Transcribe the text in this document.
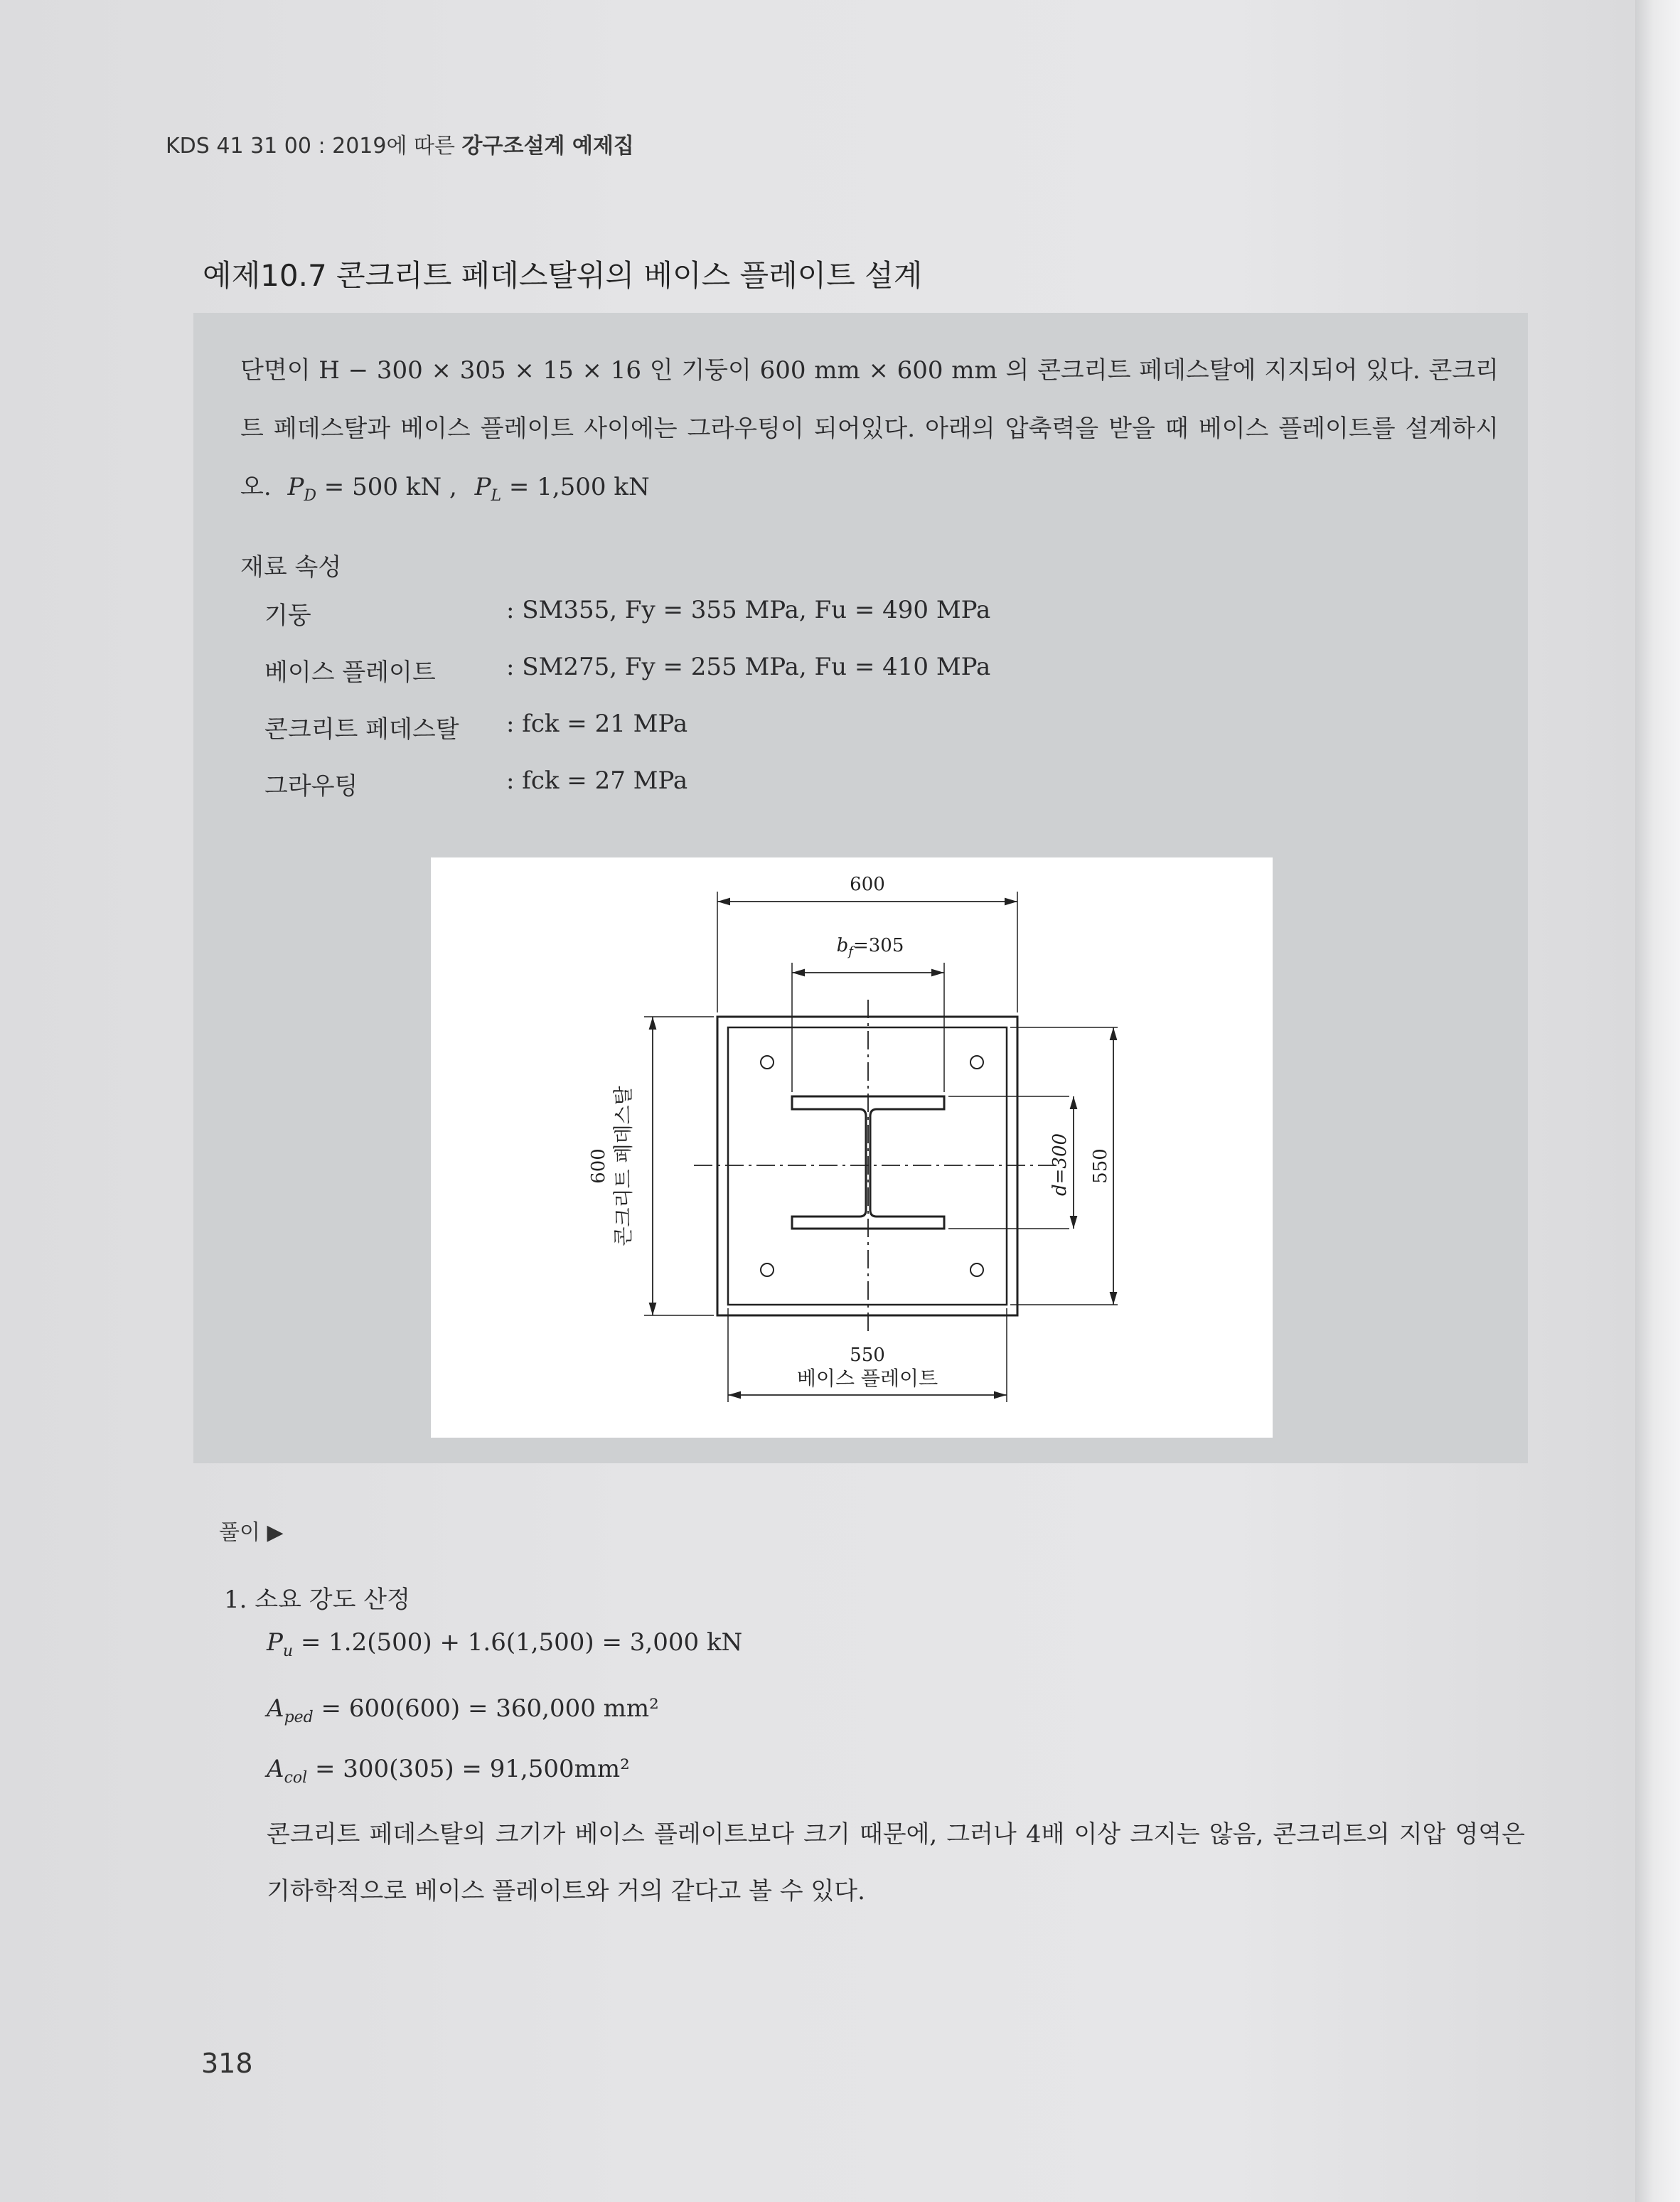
KDS 41 31 00 : 2019에 따른 강구조설계 예제집
예제10.7 콘크리트 페데스탈위의 베이스 플레이트 설계
단면이 H − 300 × 305 × 15 × 16 인 기둥이 600 mm × 600 mm 의 콘크리트 페데스탈에 지지되어 있다. 콘크리트 페데스탈과 베이스 플레이트 사이에는 그라우팅이 되어있다. 아래의 압축력을 받을 때 베이스 플레이트를 설계하시오. $P_D = 500$ kN , $P_L = 1,500$ kN
재료 속성
기둥	: SM355, Fy = 355 MPa, Fu = 490 MPa
베이스 플레이트	: SM275, Fy = 255 MPa, Fu = 410 MPa
콘크리트 페데스탈 : fck = 21 MPa
그라우팅	: fck = 27 MPa
600
$b_f=305$
600 콘크리트 페데스탈	d=300 550
550
베이스 플레이트
풀이 ▶
1. 소요 강도 산정
$P_u = 1.2(500) + 1.6(1,500) = 3,000$ kN
$A_{ped} = 600(600) = 360,000$ mm²
$A_{col} = 300(305) = 91,500mm^2$
콘크리트 페데스탈의 크기가 베이스 플레이트보다 크기 때문에, 그러나 4배 이상 크지는 않음, 콘크리트의 지압 영역은 기하학적으로 베이스 플레이트와 거의 같다고 볼 수 있다.
318
